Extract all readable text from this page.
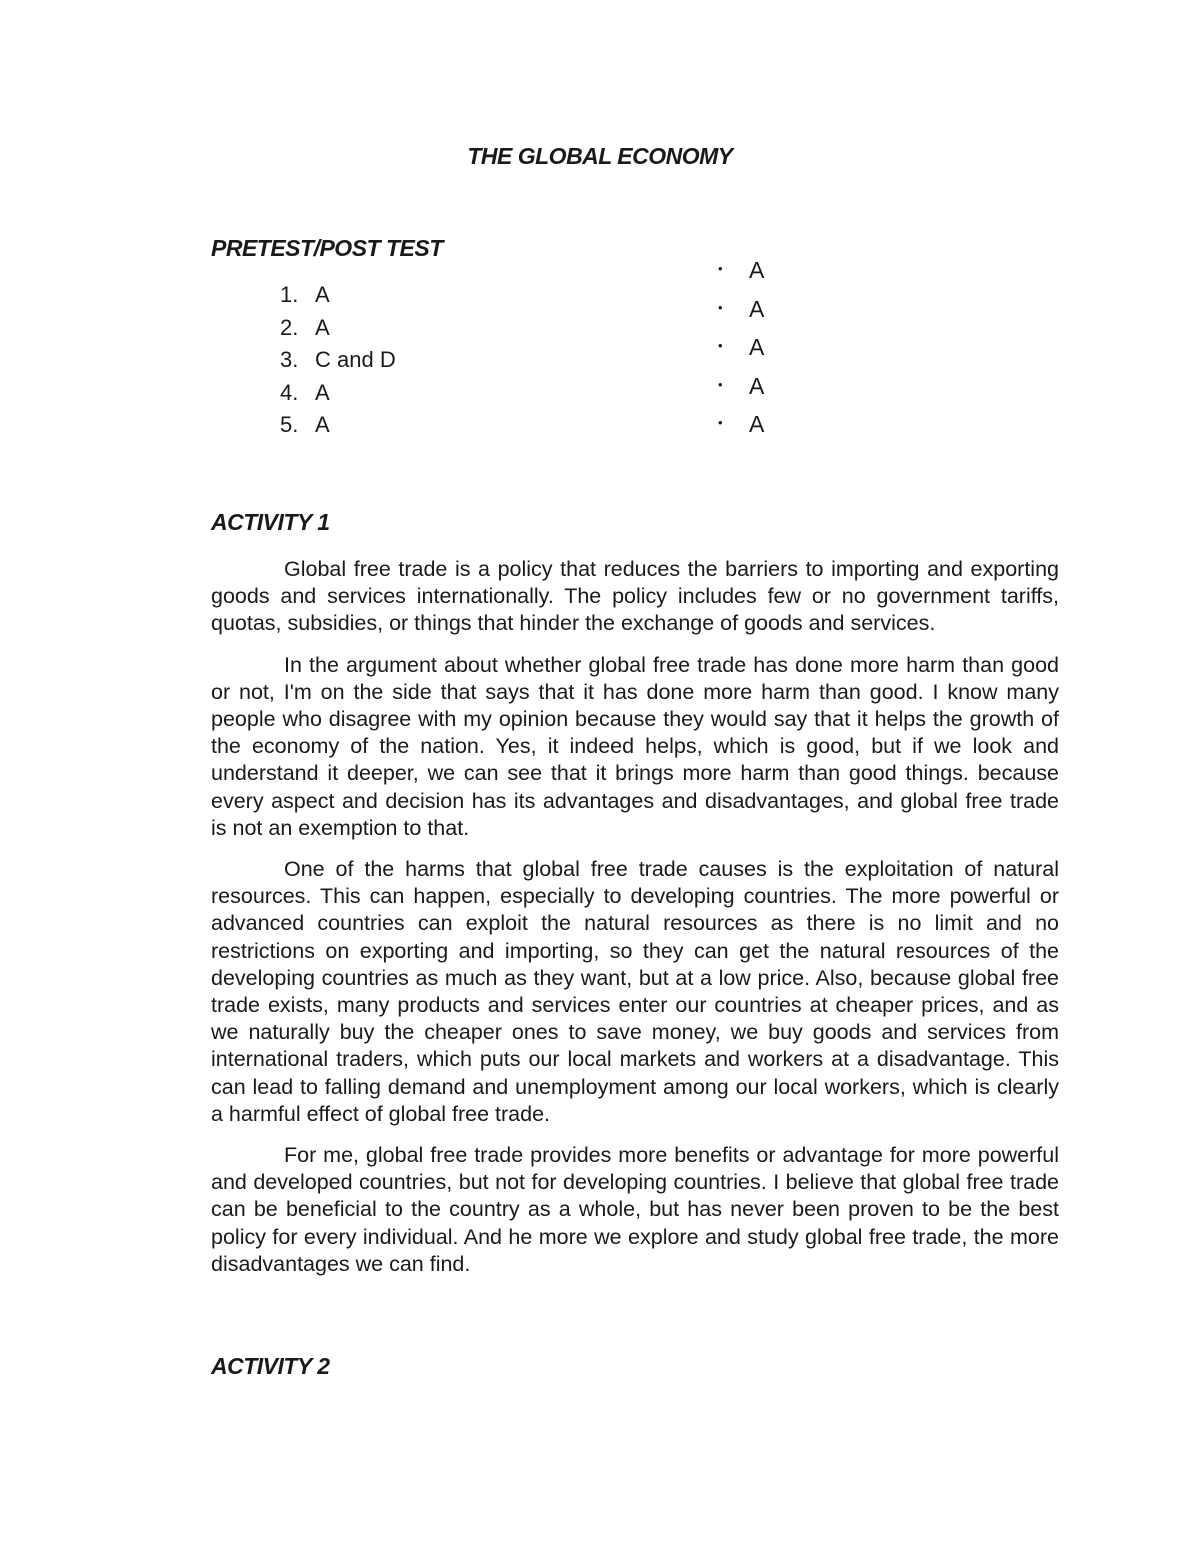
THE GLOBAL ECONOMY
PRETEST/POST TEST
1. A
2. A
3. C and D
4. A
5. A
• A
• A
• A
• A
• A
ACTIVITY 1

Global free trade is a policy that reduces the barriers to importing and exporting goods and services internationally. The policy includes few or no government tariffs, quotas, subsidies, or things that hinder the exchange of goods and services.

In the argument about whether global free trade has done more harm than good or not, I'm on the side that says that it has done more harm than good. I know many people who disagree with my opinion because they would say that it helps the growth of the economy of the nation. Yes, it indeed helps, which is good, but if we look and understand it deeper, we can see that it brings more harm than good things. because every aspect and decision has its advantages and disadvantages, and global free trade is not an exemption to that.

One of the harms that global free trade causes is the exploitation of natural resources. This can happen, especially to developing countries. The more powerful or advanced countries can exploit the natural resources as there is no limit and no restrictions on exporting and importing, so they can get the natural resources of the developing countries as much as they want, but at a low price. Also, because global free trade exists, many products and services enter our countries at cheaper prices, and as we naturally buy the cheaper ones to save money, we buy goods and services from international traders, which puts our local markets and workers at a disadvantage. This can lead to falling demand and unemployment among our local workers, which is clearly a harmful effect of global free trade.

For me, global free trade provides more benefits or advantage for more powerful and developed countries, but not for developing countries. I believe that global free trade can be beneficial to the country as a whole, but has never been proven to be the best policy for every individual. And he more we explore and study global free trade, the more disadvantages we can find.

ACTIVITY 2
